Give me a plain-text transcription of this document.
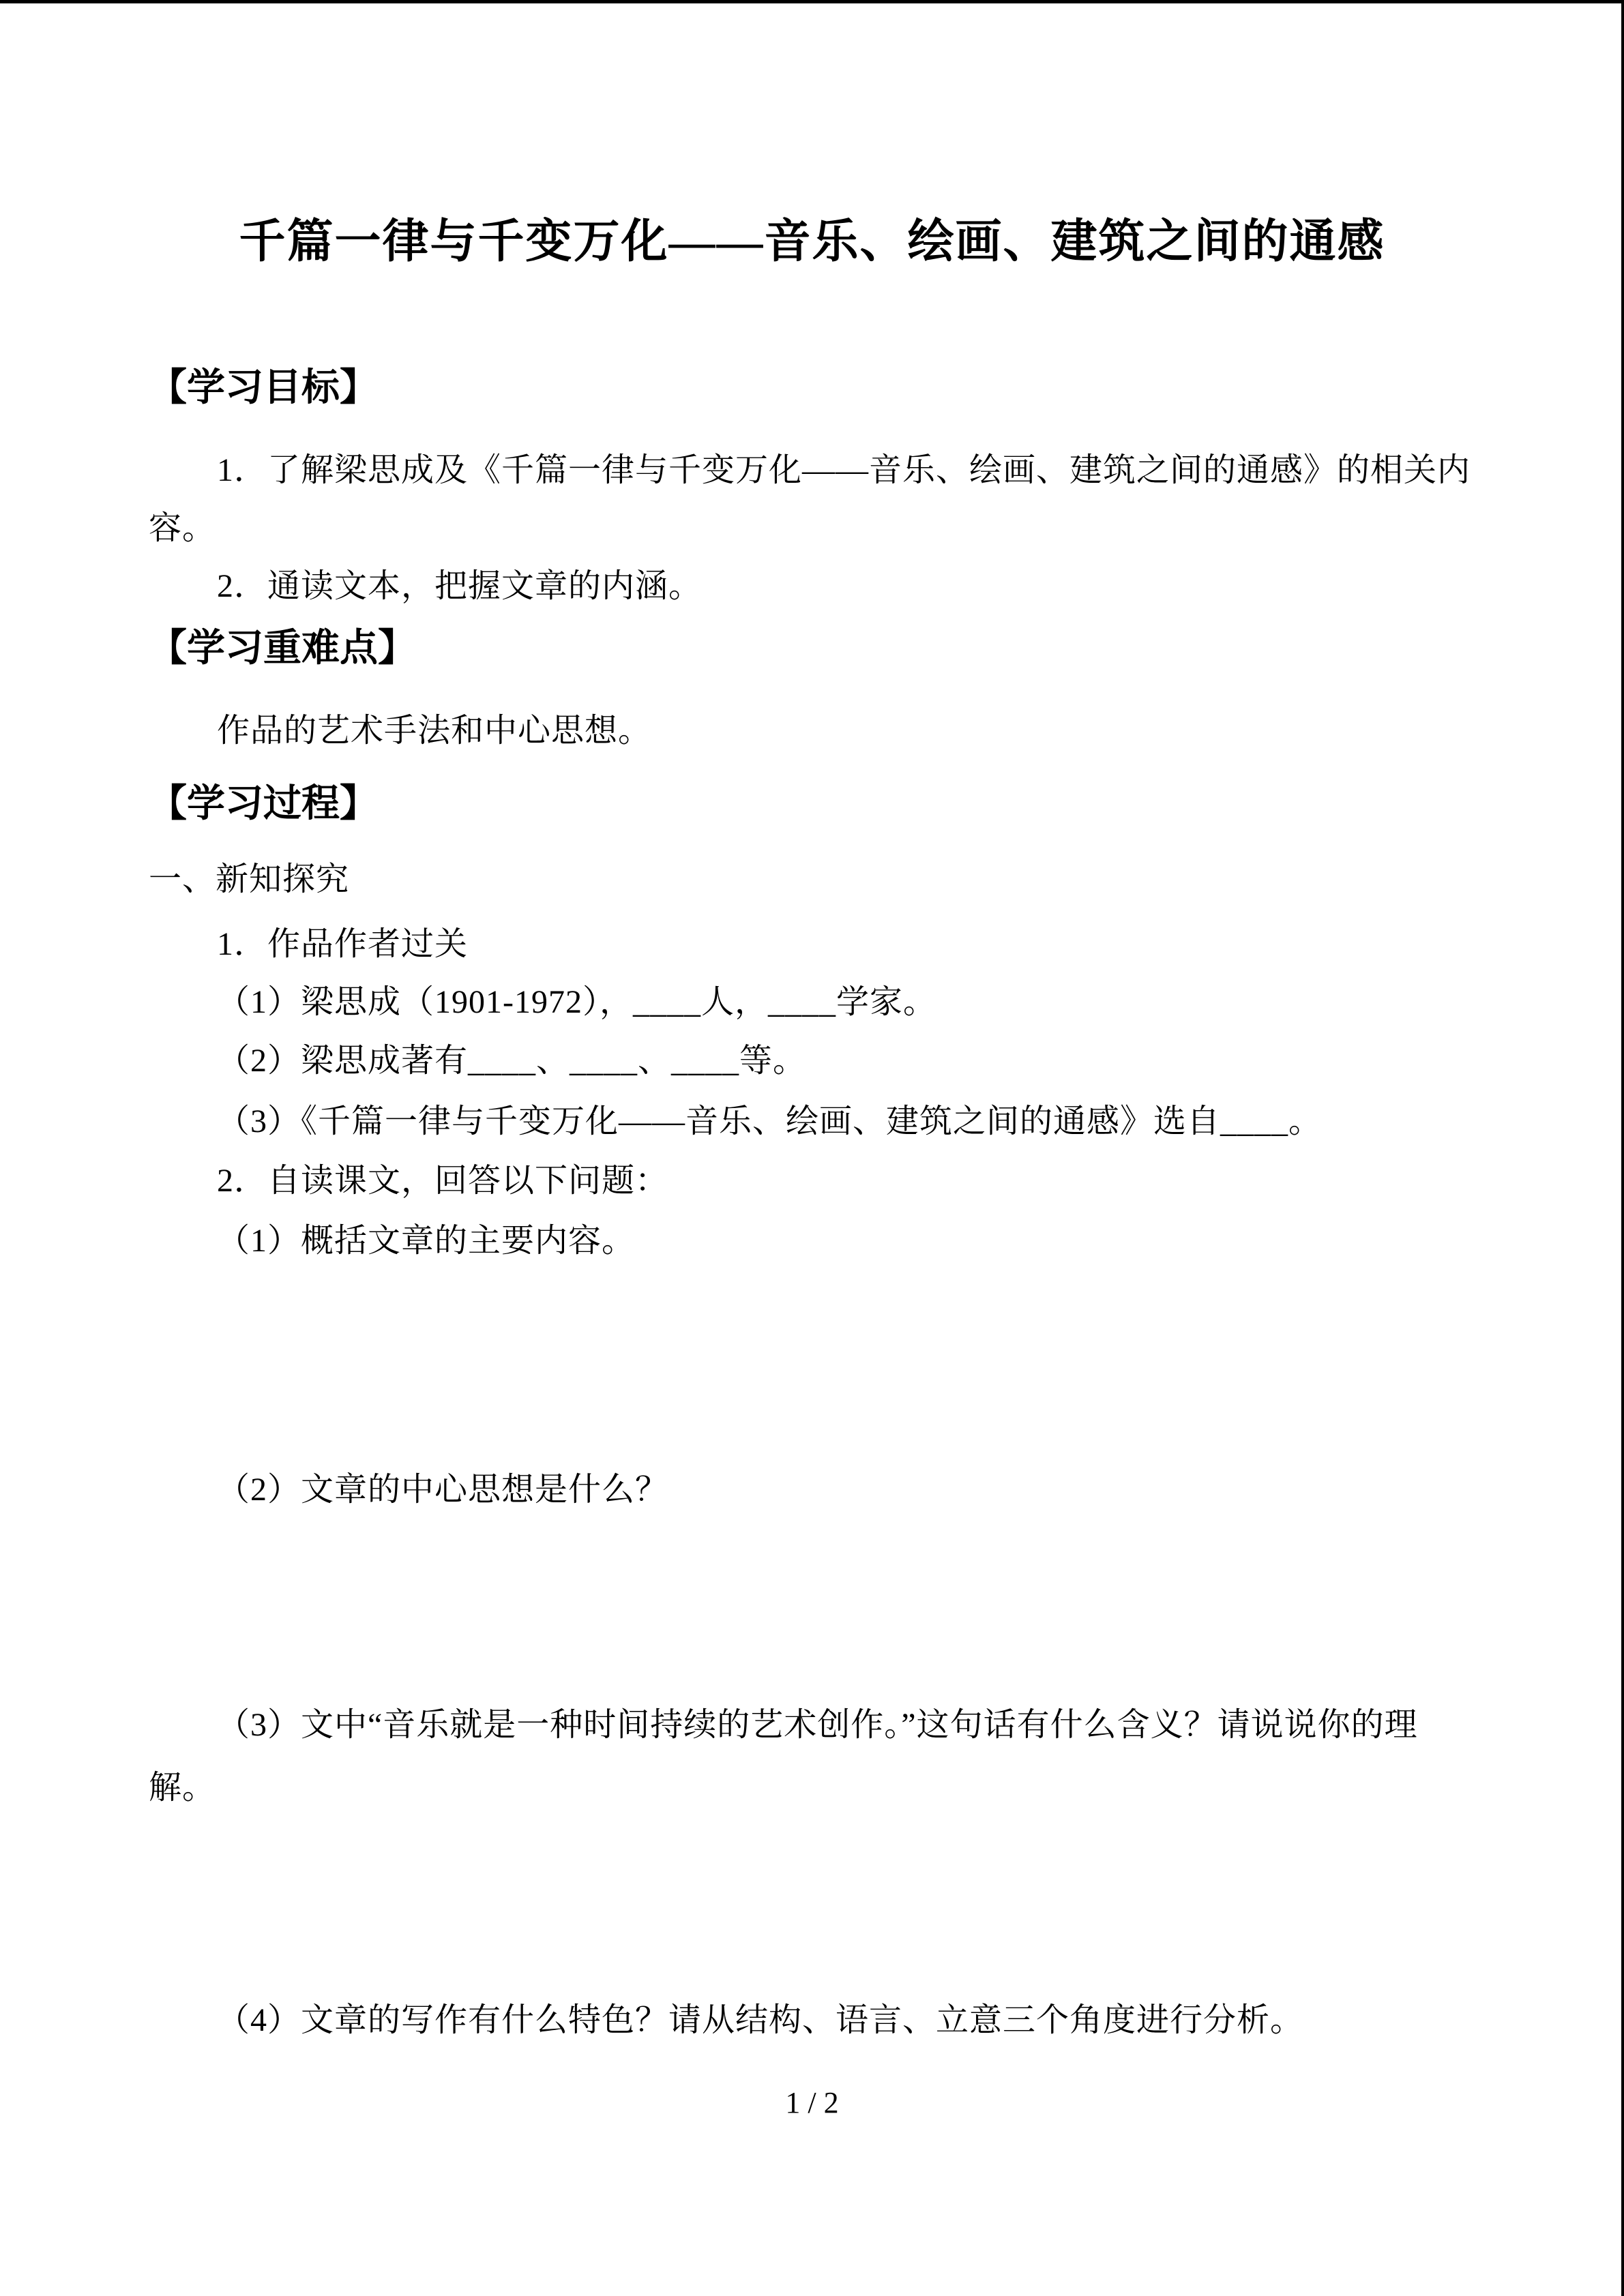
千篇一律与千变万化——音乐、绘画、建筑之间的通感
【学习目标】
1．了解梁思成及《千篇一律与千变万化——音乐、绘画、建筑之间的通感》的相关内
容。
2．通读文本，把握文章的内涵。
【学习重难点】
作品的艺术手法和中心思想。
【学习过程】
一、新知探究
1．作品作者过关
（1）梁思成（1901-1972），____人，____学家。
（2）梁思成著有____、____、____等。
（3）《千篇一律与千变万化——音乐、绘画、建筑之间的通感》选自____。
2．自读课文，回答以下问题：
（1）概括文章的主要内容。
（2）文章的中心思想是什么？
（3）文中“音乐就是一种时间持续的艺术创作。”这句话有什么含义？请说说你的理
解。
（4）文章的写作有什么特色？请从结构、语言、立意三个角度进行分析。
1 / 2
